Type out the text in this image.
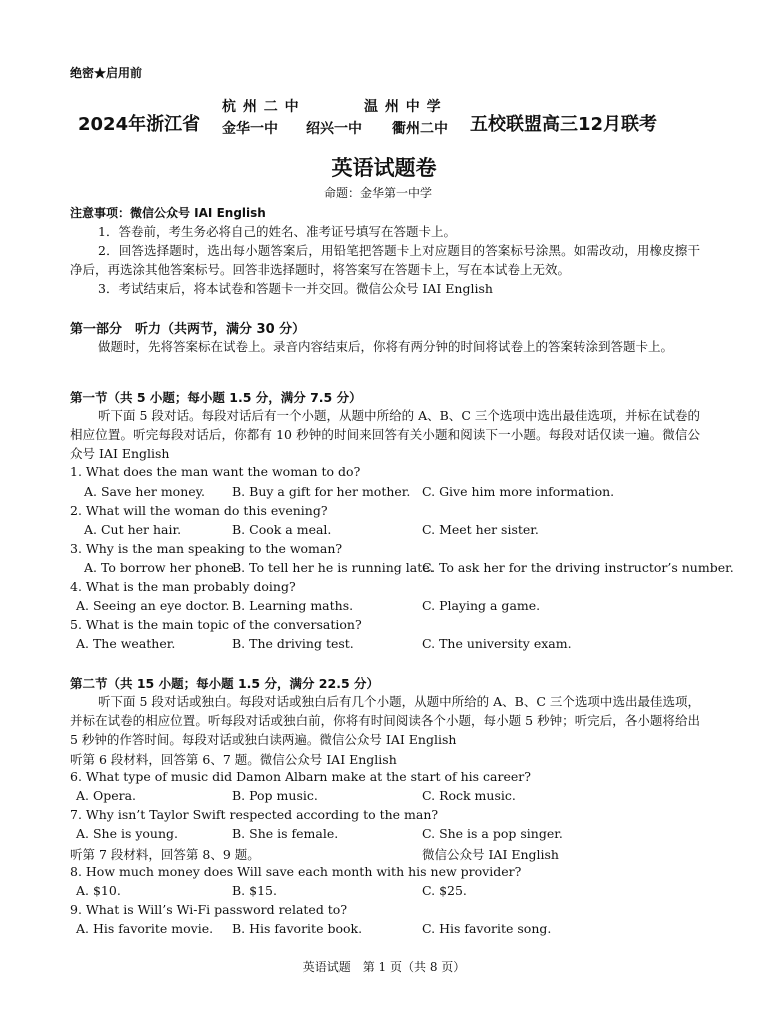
绝密★启用前
2024年浙江省
杭 州 二 中	温 州 中 学
金华一中 绍兴一中 衢州二中 五校联盟高三12月联考
英语试题卷
命题：金华第一中学
注意事项：微信公众号 IAI English
1．答卷前，考生务必将自己的姓名、准考证号填写在答题卡上。
2．回答选择题时，选出每小题答案后，用铅笔把答题卡上对应题目的答案标号涂黑。如需改动，用橡皮擦干净后，再选涂其他答案标号。回答非选择题时，将答案写在答题卡上，写在本试卷上无效。
3．考试结束后，将本试卷和答题卡一并交回。微信公众号 IAI English
第一部分　听力（共两节，满分 30 分）
做题时，先将答案标在试卷上。录音内容结束后，你将有两分钟的时间将试卷上的答案转涂到答题卡上。
第一节（共 5 小题；每小题 1.5 分，满分 7.5 分）
听下面 5 段对话。每段对话后有一个小题，从题中所给的 A、B、C 三个选项中选出最佳选项，并标在试卷的相应位置。听完每段对话后，你都有 10 秒钟的时间来回答有关小题和阅读下一小题。每段对话仅读一遍。微信公众号 IAI English
1. What does the man want the woman to do?
A. Save her money. B. Buy a gift for her mother. C. Give him more information.
2. What will the woman do this evening?
A. Cut her hair.	B. Cook a meal.	C. Meet her sister.
3. Why is the man speaking to the woman?
A. To borrow her phone.
B. To tell her he is running late.
C. To ask her for the driving instructor’s number.
4. What is the man probably doing?
A. Seeing an eye doctor. B. Learning maths.	C. Playing a game.
5. What is the main topic of the conversation?
A. The weather.	B. The driving test.	C. The university exam.
第二节（共 15 小题；每小题 1.5 分，满分 22.5 分）
听下面 5 段对话或独白。每段对话或独白后有几个小题，从题中所给的 A、B、C 三个选项中选出最佳选项，并标在试卷的相应位置。听每段对话或独白前，你将有时间阅读各个小题，每小题 5 秒钟；听完后，各小题将给出 5 秒钟的作答时间。每段对话或独白读两遍。微信公众号 IAI English
听第 6 段材料，回答第 6、7 题。微信公众号 IAI English
6. What type of music did Damon Albarn make at the start of his career?
A. Opera.	B. Pop music.	C. Rock music.
7. Why isn’t Taylor Swift respected according to the man?
A. She is young.	B. She is female.	C. She is a pop singer.
听第 7 段材料，回答第 8、9 题。	微信公众号 IAI English
8. How much money does Will save each month with his new provider?
A. $10.	B. $15.	C. $25.
9. What is Will’s Wi-Fi password related to?
A. His favorite movie. B. His favorite book.	C. His favorite song.
英语试题　第 1 页（共 8 页）
